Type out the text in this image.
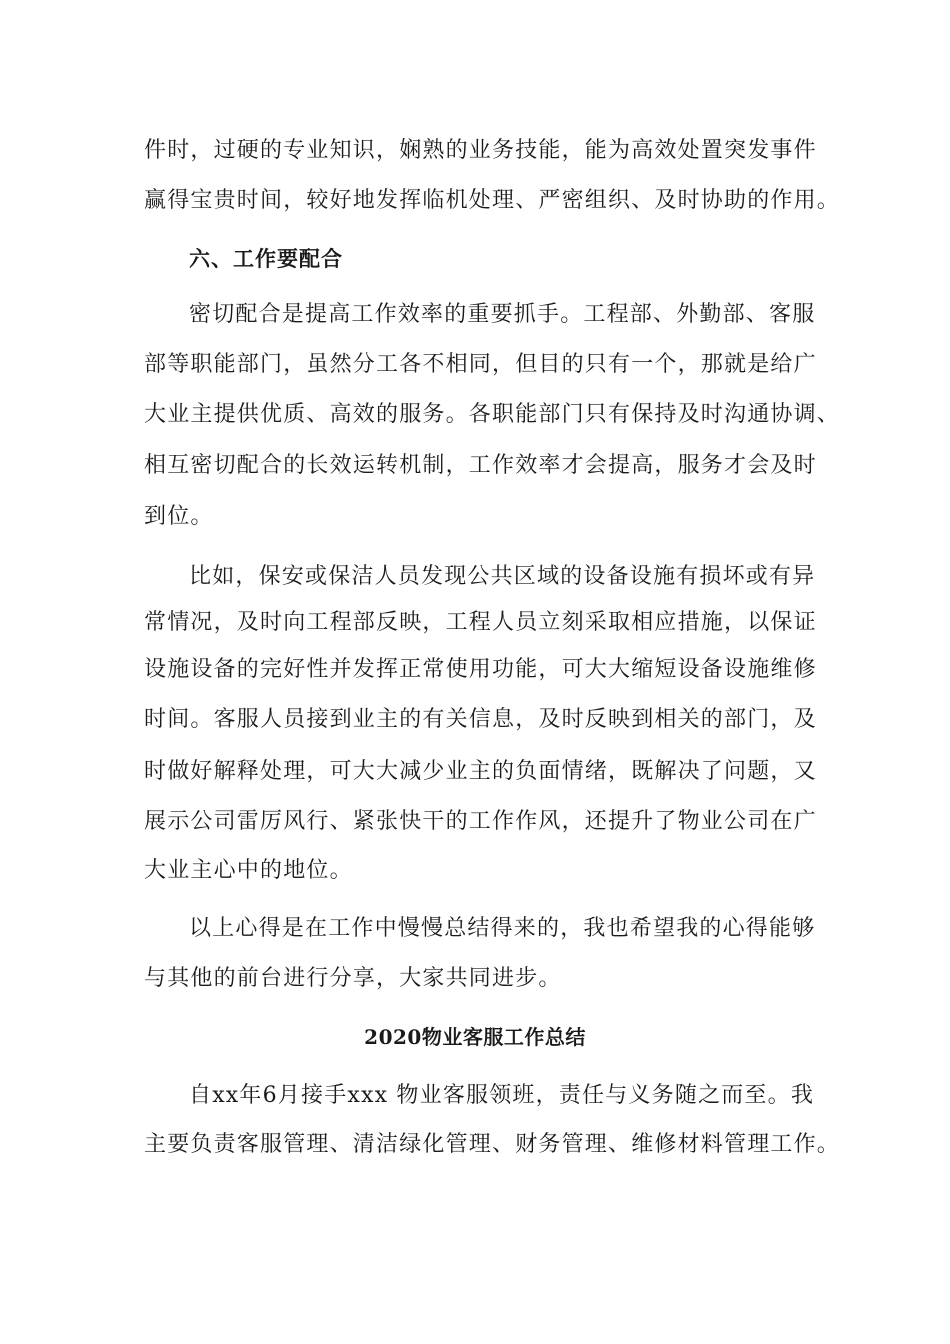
件时，过硬的专业知识，娴熟的业务技能，能为高效处置突发事件
赢得宝贵时间，较好地发挥临机处理、严密组织、及时协助的作用。
六、工作要配合
密切配合是提高工作效率的重要抓手。工程部、外勤部、客服
部等职能部门，虽然分工各不相同，但目的只有一个，那就是给广
大业主提供优质、高效的服务。各职能部门只有保持及时沟通协调、
相互密切配合的长效运转机制，工作效率才会提高，服务才会及时
到位。
比如，保安或保洁人员发现公共区域的设备设施有损坏或有异
常情况，及时向工程部反映，工程人员立刻采取相应措施，以保证
设施设备的完好性并发挥正常使用功能，可大大缩短设备设施维修
时间。客服人员接到业主的有关信息，及时反映到相关的部门，及
时做好解释处理，可大大减少业主的负面情绪，既解决了问题，又
展示公司雷厉风行、紧张快干的工作作风，还提升了物业公司在广
大业主心中的地位。
以上心得是在工作中慢慢总结得来的，我也希望我的心得能够
与其他的前台进行分享，大家共同进步。
2020物业客服工作总结
自xx年6月接手xxx 物业客服领班，责任与义务随之而至。我
主要负责客服管理、清洁绿化管理、财务管理、维修材料管理工作。
